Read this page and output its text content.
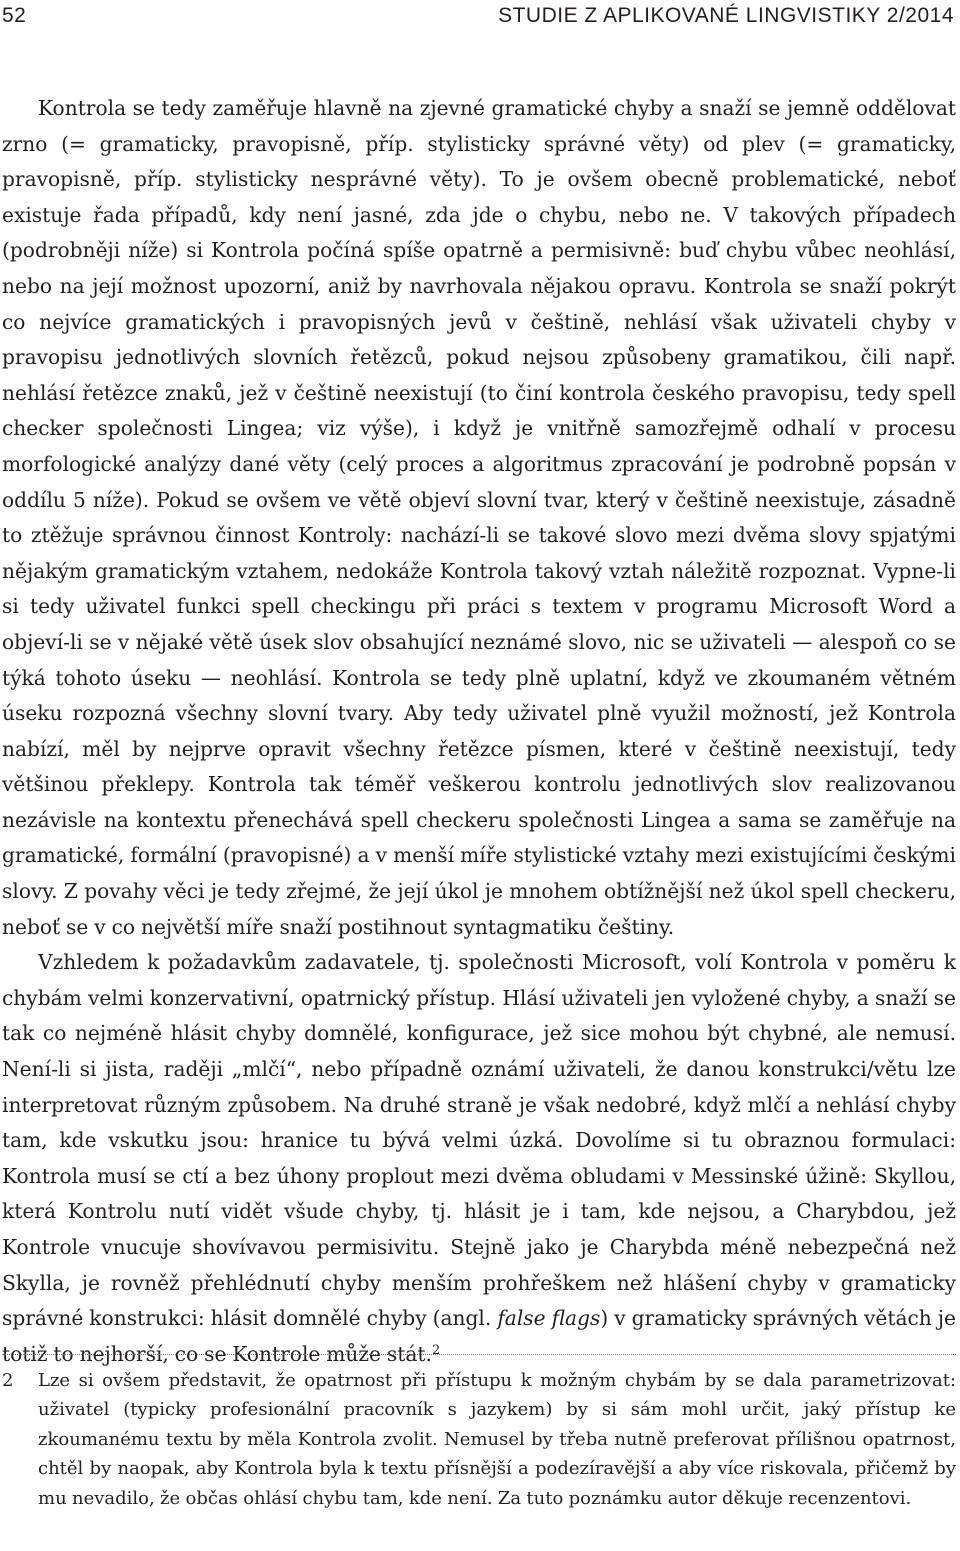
52	STUDIE Z APLIKOVANÉ LINGVISTIKY 2/2014

Kontrola se tedy zaměřuje hlavně na zjevné gramatické chyby a snaží se jemně oddělovat zrno (= gramaticky, pravopisně, příp. stylisticky správné věty) od plev (= gramaticky, pravopisně, příp. stylisticky nesprávné věty). To je ovšem obecně problematické, neboť existuje řada případů, kdy není jasné, zda jde o chybu, nebo ne. V takových případech (podrobněji níže) si Kontrola počíná spíše opatrně a permisivně: buď chybu vůbec neohlásí, nebo na její možnost upozorní, aniž by navrhovala nějakou opravu. Kontrola se snaží pokrýt co nejvíce gramatických i pravopisných jevů v češtině, nehlásí však uživateli chyby v pravopisu jednotlivých slovních řetězců, pokud nejsou způsobeny gramatikou, čili např. nehlásí řetězce znaků, jež v češtině neexistují (to činí kontrola českého pravopisu, tedy spell checker společnosti Lingea; viz výše), i když je vnitřně samozřejmě odhalí v procesu morfologické analýzy dané věty (celý proces a algoritmus zpracování je podrobně popsán v oddílu 5 níže). Pokud se ovšem ve větě objeví slovní tvar, který v češtině neexistuje, zásadně to ztěžuje správnou činnost Kontroly: nachází-li se takové slovo mezi dvěma slovy spjatými nějakým gramatickým vztahem, nedokáže Kontrola takový vztah náležitě rozpoznat. Vypne-li si tedy uživatel funkci spell checkingu při práci s textem v programu Microsoft Word a objeví-li se v nějaké větě úsek slov obsahující neznámé slovo, nic se uživateli — alespoň co se týká tohoto úseku — neohlásí. Kontrola se tedy plně uplatní, když ve zkoumaném větném úseku rozpozná všechny slovní tvary. Aby tedy uživatel plně využil možností, jež Kontrola nabízí, měl by nejprve opravit všechny řetězce písmen, které v češtině neexistují, tedy většinou překlepy. Kontrola tak téměř veškerou kontrolu jednotlivých slov realizovanou nezávisle na kontextu přenechává spell checkeru společnosti Lingea a sama se zaměřuje na gramatické, formální (pravopisné) a v menší míře stylistické vztahy mezi existujícími českými slovy. Z povahy věci je tedy zřejmé, že její úkol je mnohem obtížnější než úkol spell checkeru, neboť se v co největší míře snaží postihnout syntagmatiku češtiny.

Vzhledem k požadavkům zadavatele, tj. společnosti Microsoft, volí Kontrola v poměru k chybám velmi konzervativní, opatrnický přístup. Hlásí uživateli jen vyložené chyby, a snaží se tak co nejméně hlásit chyby domnělé, konfigurace, jež sice mohou být chybné, ale nemusí. Není-li si jista, raději „mlčí“, nebo případně oznámí uživateli, že danou konstrukci/větu lze interpretovat různým způsobem. Na druhé straně je však nedobré, když mlčí a nehlásí chyby tam, kde vskutku jsou: hranice tu bývá velmi úzká. Dovolíme si tu obraznou formulaci: Kontrola musí se ctí a bez úhony proplout mezi dvěma obludami v Messinské úžině: Skyllou, která Kontrolu nutí vidět všude chyby, tj. hlásit je i tam, kde nejsou, a Charybdou, jež Kontrole vnucuje shovívavou permisivitu. Stejně jako je Charybda méně nebezpečná než Skylla, je rovněž přehlédnutí chyby menším prohřeškem než hlášení chyby v gramaticky správné konstrukci: hlásit domnělé chyby (angl. false flags) v gramaticky správných větách je totiž to nejhorší, co se Kontrole může stát.$^2$

2 Lze si ovšem představit, že opatrnost při přístupu k možným chybám by se dala parametrizovat: uživatel (typicky profesionální pracovník s jazykem) by si sám mohl určit, jaký přístup ke zkoumanému textu by měla Kontrola zvolit. Nemusel by třeba nutně preferovat přílišnou opatrnost, chtěl by naopak, aby Kontrola byla k textu přísnější a podezíravější a aby více riskovala, přičemž by mu nevadilo, že občas ohlásí chybu tam, kde není. Za tuto poznámku autor děkuje recenzentovi.
